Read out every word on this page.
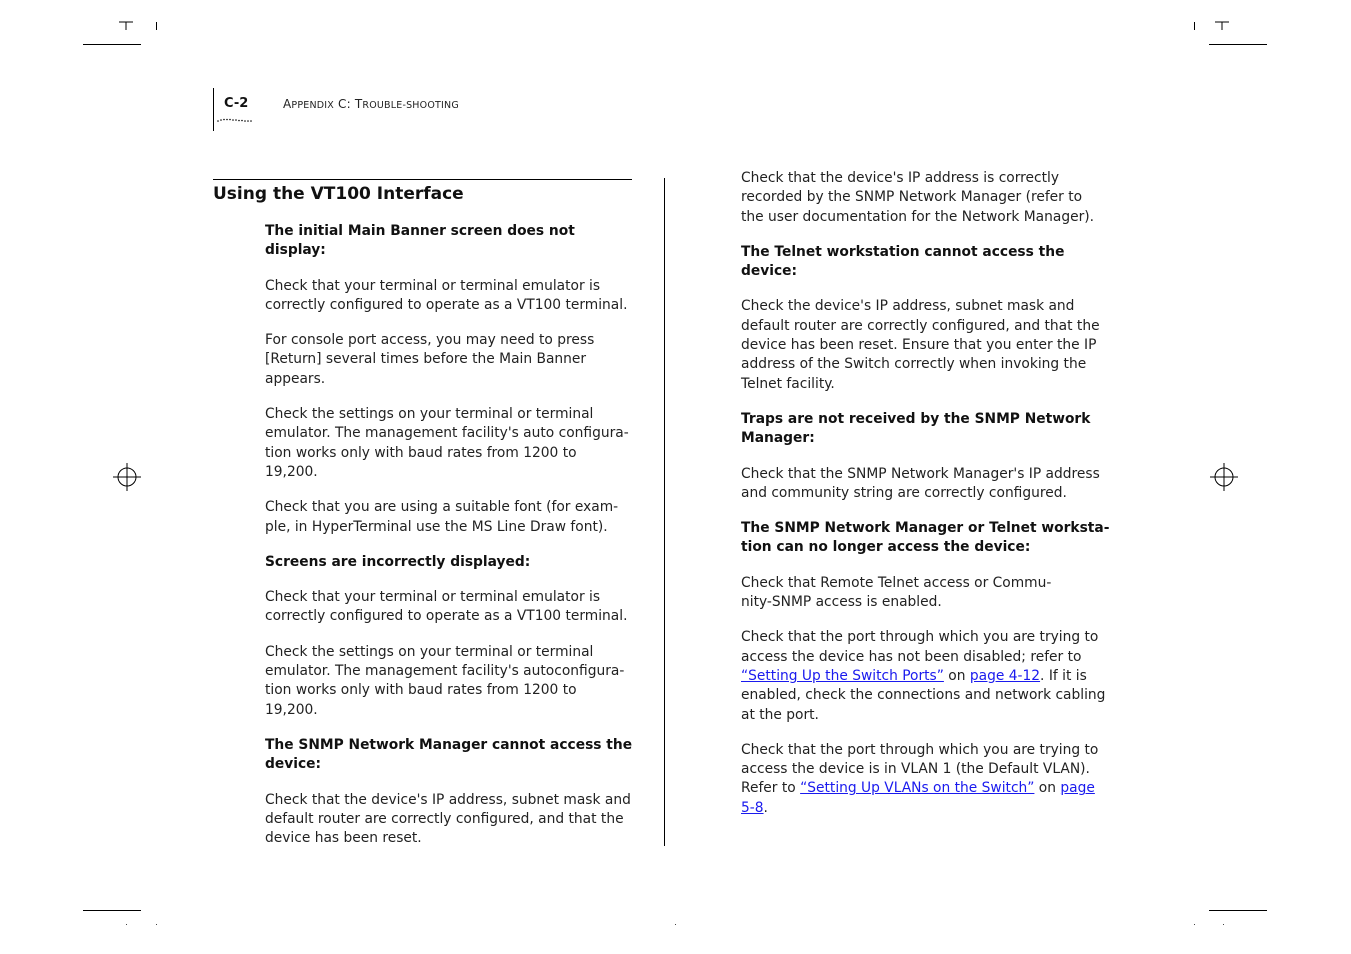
C-2	APPENDIX C: TROUBLE-SHOOTING
Using the VT100 Interface

The initial Main Banner screen does not
display:

Check that your terminal or terminal emulator is
correctly configured to operate as a VT100 terminal.

For console port access, you may need to press
[Return] several times before the Main Banner
appears.

Check the settings on your terminal or terminal
emulator. The management facility's auto configura-
tion works only with baud rates from 1200 to
19,200.

Check that you are using a suitable font (for exam-
ple, in HyperTerminal use the MS Line Draw font).

Screens are incorrectly displayed:

Check that your terminal or terminal emulator is
correctly configured to operate as a VT100 terminal.

Check the settings on your terminal or terminal
emulator. The management facility's autoconfigura-
tion works only with baud rates from 1200 to
19,200.

The SNMP Network Manager cannot access the
device:

Check that the device's IP address, subnet mask and
default router are correctly configured, and that the
device has been reset.

Check that the device's IP address is correctly
recorded by the SNMP Network Manager (refer to
the user documentation for the Network Manager).

The Telnet workstation cannot access the
device:

Check the device's IP address, subnet mask and
default router are correctly configured, and that the
device has been reset. Ensure that you enter the IP
address of the Switch correctly when invoking the
Telnet facility.

Traps are not received by the SNMP Network
Manager:

Check that the SNMP Network Manager's IP address
and community string are correctly configured.

The SNMP Network Manager or Telnet worksta-
tion can no longer access the device:

Check that Remote Telnet access or Commu-
nity-SNMP access is enabled.

Check that the port through which you are trying to
access the device has not been disabled; refer to
“Setting Up the Switch Ports” on page 4-12. If it is
enabled, check the connections and network cabling
at the port.

Check that the port through which you are trying to
access the device is in VLAN 1 (the Default VLAN).
Refer to “Setting Up VLANs on the Switch” on page
5-8.
